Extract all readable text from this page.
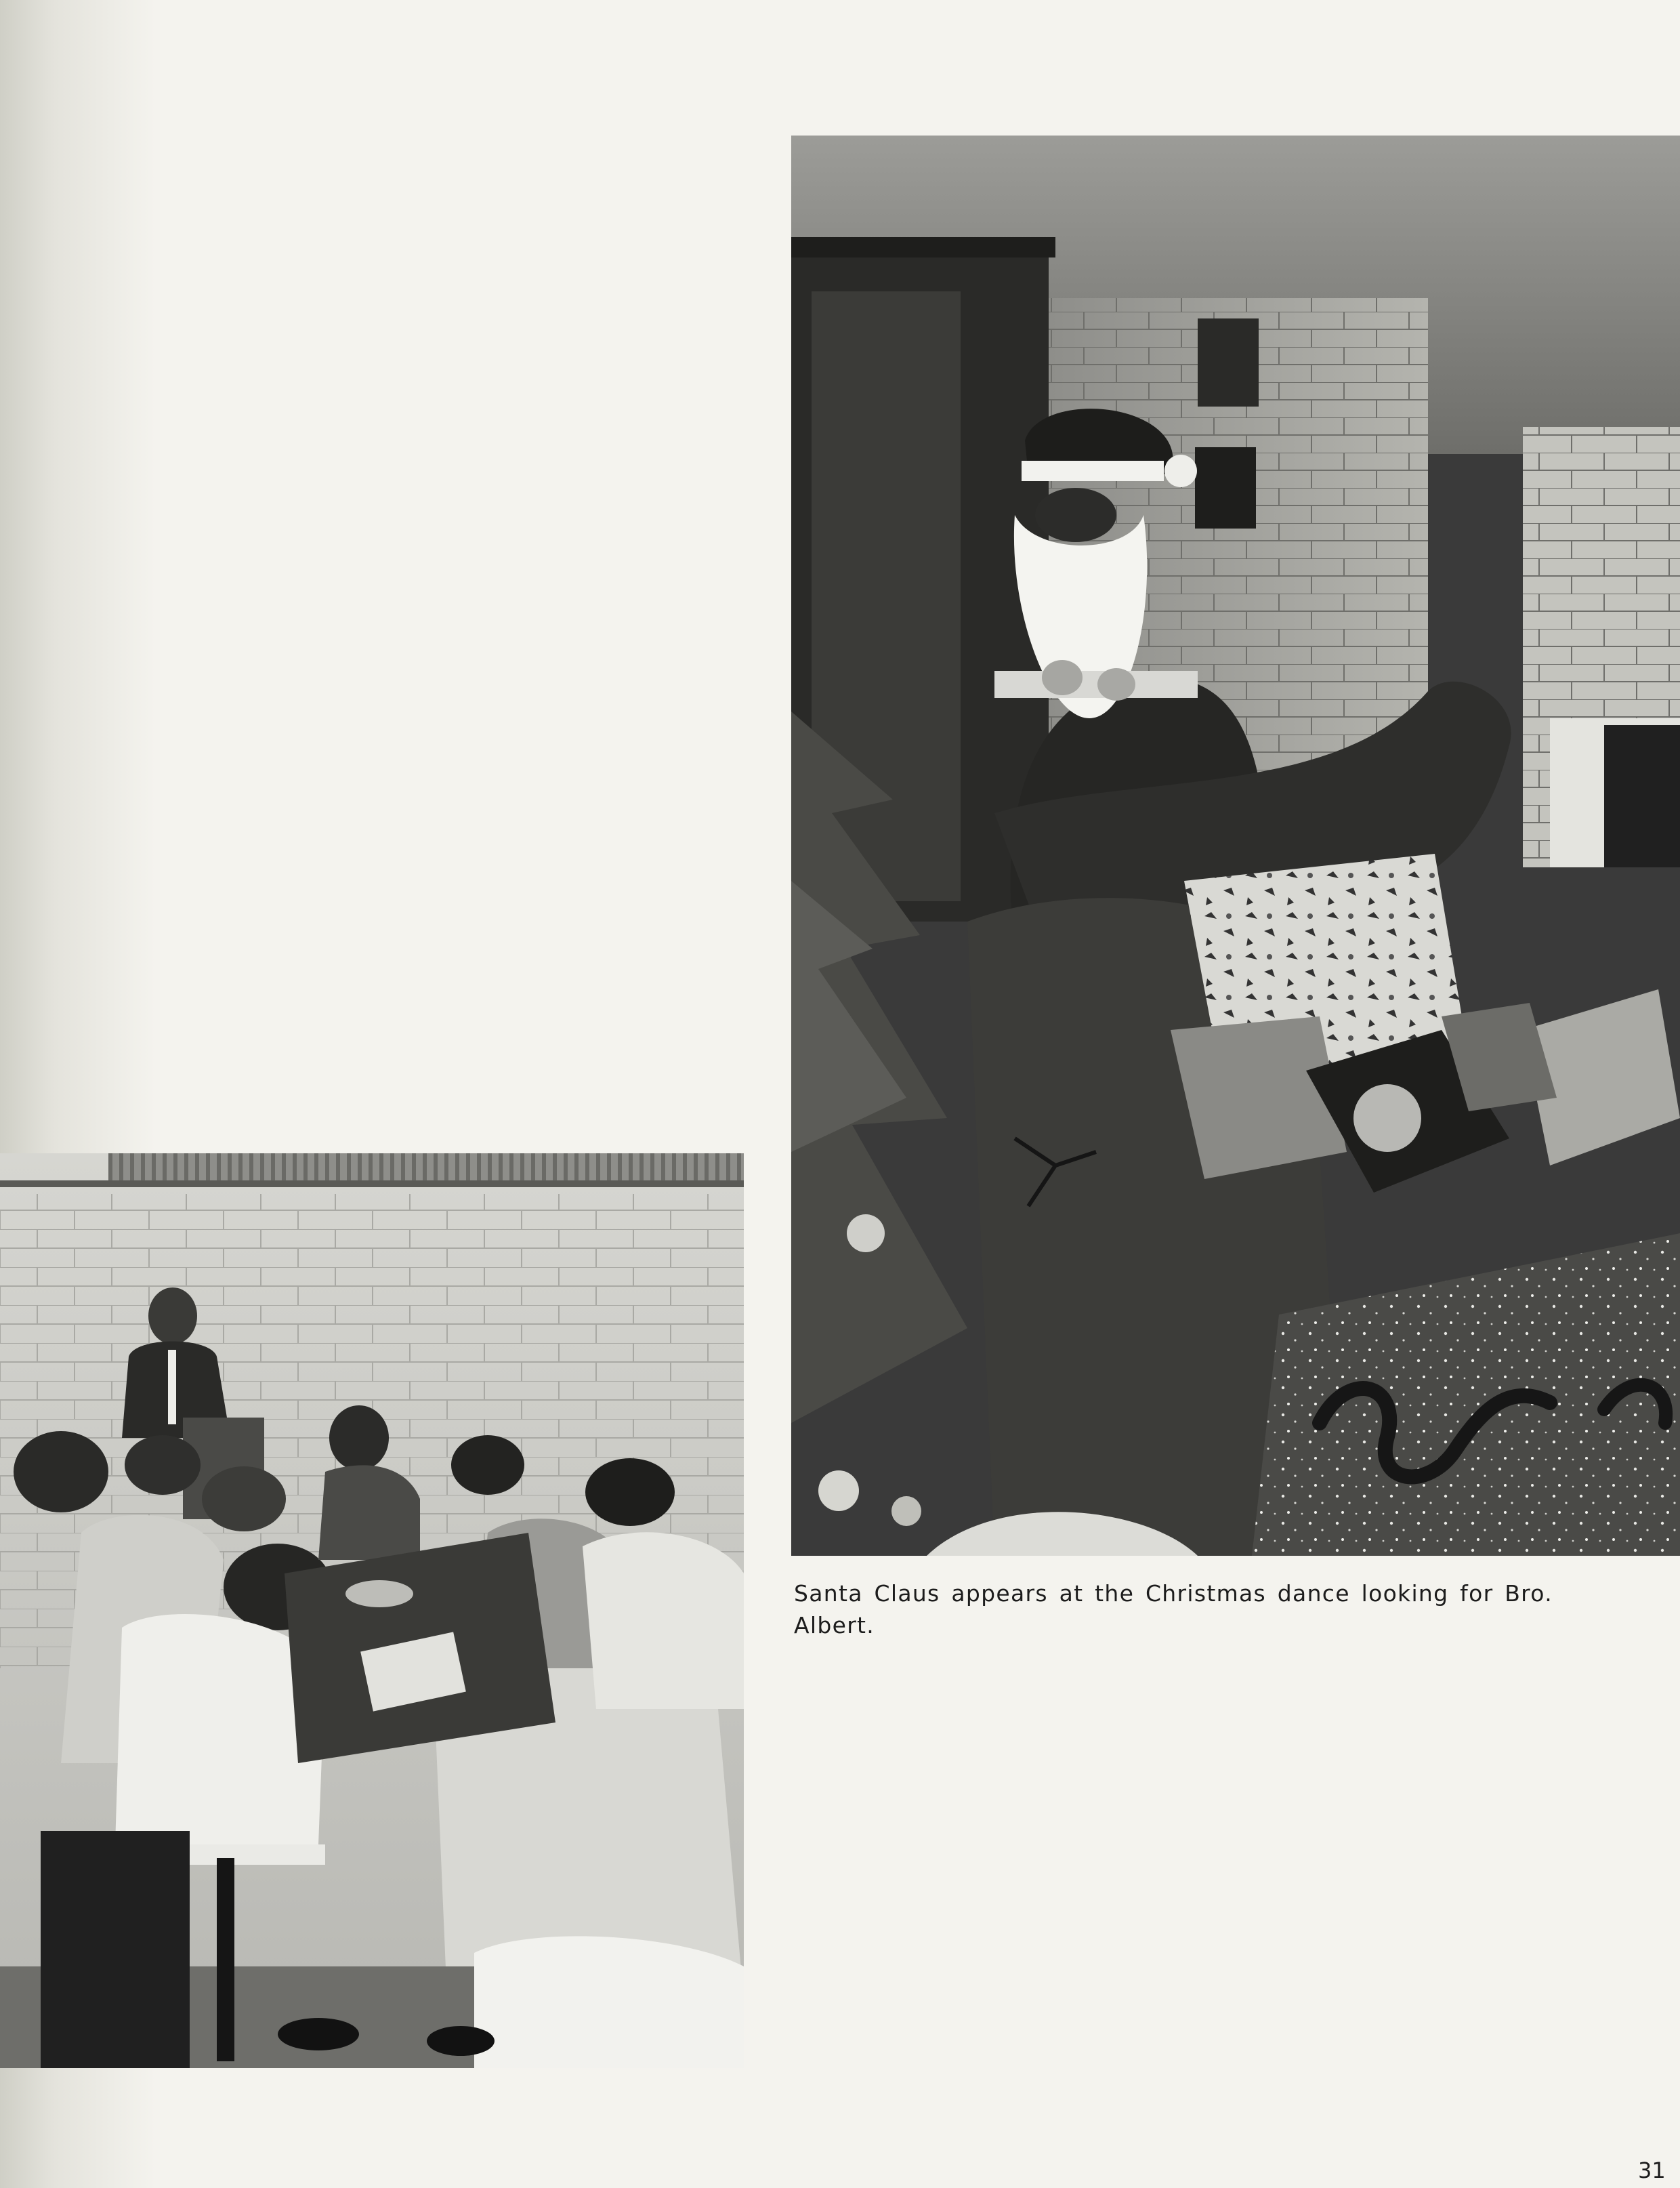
Santa Claus appears at the Christmas dance looking for Bro. Albert.
31
